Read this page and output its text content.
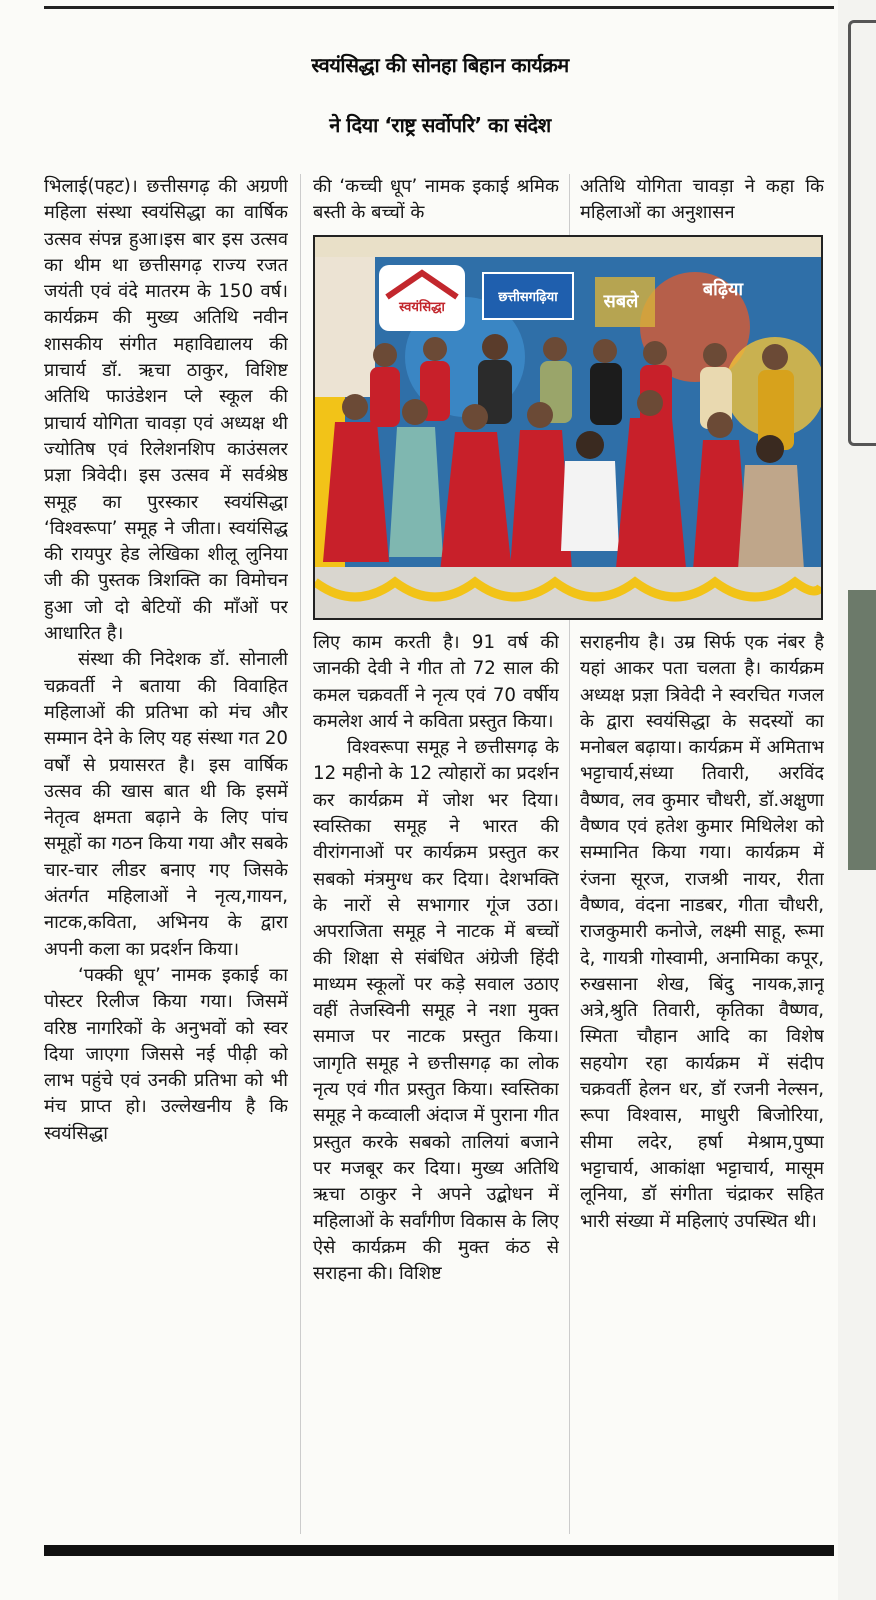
स्वयंसिद्धा की सोनहा बिहान कार्यक्रम
ने दिया ‘राष्ट्र सर्वोपरि’ का संदेश

भिलाई(पहट)। छत्तीसगढ़ की अग्रणी महिला संस्था स्वयंसिद्धा का वार्षिक उत्सव संपन्न हुआ।इस बार इस उत्सव का थीम था छत्तीसगढ़ राज्य रजत जयंती एवं वंदे मातरम के 150 वर्ष। कार्यक्रम की मुख्य अतिथि नवीन शासकीय संगीत महाविद्यालय की प्राचार्य डॉ. ऋचा ठाकुर, विशिष्ट अतिथि फाउंडेशन प्ले स्कूल की प्राचार्य योगिता चावड़ा एवं अध्यक्ष थी ज्योतिष एवं रिलेशनशिप काउंसलर प्रज्ञा त्रिवेदी। इस उत्सव में सर्वश्रेष्ठ समूह का पुरस्कार स्वयंसिद्धा ‘विश्वरूपा’ समूह ने जीता। स्वयंसिद्ध की रायपुर हेड लेखिका शीलू लुनिया जी की पुस्तक त्रिशक्ति का विमोचन हुआ जो दो बेटियों की माँओं पर आधारित है।

संस्था की निदेशक डॉ. सोनाली चक्रवर्ती ने बताया की विवाहित महिलाओं की प्रतिभा को मंच और सम्मान देने के लिए यह संस्था गत 20 वर्षों से प्रयासरत है। इस वार्षिक उत्सव की खास बात थी कि इसमें नेतृत्व क्षमता बढ़ाने के लिए पांच समूहों का गठन किया गया और सबके चार-चार लीडर बनाए गए जिसके अंतर्गत महिलाओं ने नृत्य,गायन, नाटक,कविता, अभिनय के द्वारा अपनी कला का प्रदर्शन किया।

‘पक्की धूप’ नामक इकाई का पोस्टर रिलीज किया गया। जिसमें वरिष्ठ नागरिकों के अनुभवों को स्वर दिया जाएगा जिससे नई पीढ़ी को लाभ पहुंचे एवं उनकी प्रतिभा को भी मंच प्राप्त हो। उल्लेखनीय है कि स्वयंसिद्धा

की ‘कच्ची धूप’ नामक इकाई श्रमिक बस्ती के बच्चों के

अतिथि योगिता चावड़ा ने कहा कि महिलाओं का अनुशासन

स्वयंसिद्धा
छत्तीसगढ़िया	सबले
बढ़िया

लिए काम करती है। 91 वर्ष की जानकी देवी ने गीत तो 72 साल की कमल चक्रवर्ती ने नृत्य एवं 70 वर्षीय कमलेश आर्य ने कविता प्रस्तुत किया।

विश्वरूपा समूह ने छत्तीसगढ़ के 12 महीनो के 12 त्योहारों का प्रदर्शन कर कार्यक्रम में जोश भर दिया। स्वस्तिका समूह ने भारत की वीरांगनाओं पर कार्यक्रम प्रस्तुत कर सबको मंत्रमुग्ध कर दिया। देशभक्ति के नारों से सभागार गूंज उठा। अपराजिता समूह ने नाटक में बच्चों की शिक्षा से संबंधित अंग्रेजी हिंदी माध्यम स्कूलों पर कड़े सवाल उठाए वहीं तेजस्विनी समूह ने नशा मुक्त समाज पर नाटक प्रस्तुत किया। जागृति समूह ने छत्तीसगढ़ का लोक नृत्य एवं गीत प्रस्तुत किया। स्वस्तिका समूह ने कव्वाली अंदाज में पुराना गीत प्रस्तुत करके सबको तालियां बजाने पर मजबूर कर दिया। मुख्य अतिथि ऋचा ठाकुर ने अपने उद्बोधन में महिलाओं के सर्वांगीण विकास के लिए ऐसे कार्यक्रम की मुक्त कंठ से सराहना की। विशिष्ट

सराहनीय है। उम्र सिर्फ एक नंबर है यहां आकर पता चलता है। कार्यक्रम अध्यक्ष प्रज्ञा त्रिवेदी ने स्वरचित गजल के द्वारा स्वयंसिद्धा के सदस्यों का मनोबल बढ़ाया। कार्यक्रम में अमिताभ भट्टाचार्य,संध्या तिवारी, अरविंद वैष्णव, लव कुमार चौधरी, डॉ.अक्षुणा वैष्णव एवं हतेश कुमार मिथिलेश को सम्मानित किया गया। कार्यक्रम में रंजना सूरज, राजश्री नायर, रीता वैष्णव, वंदना नाडबर, गीता चौधरी, राजकुमारी कनोजे, लक्ष्मी साहू, रूमा दे, गायत्री गोस्वामी, अनामिका कपूर, रुखसाना शेख, बिंदु नायक,ज्ञानू अत्रे,श्रुति तिवारी, कृतिका वैष्णव, स्मिता चौहान आदि का विशेष सहयोग रहा कार्यक्रम में संदीप चक्रवर्ती हेलन धर, डॉ रजनी नेल्सन, रूपा विश्वास, माधुरी बिजोरिया, सीमा लदेर, हर्षा मेश्राम,पुष्पा भट्टाचार्य, आकांक्षा भट्टाचार्य, मासूम लूनिया, डॉ संगीता चंद्राकर सहित भारी संख्या में महिलाएं उपस्थित थी।
